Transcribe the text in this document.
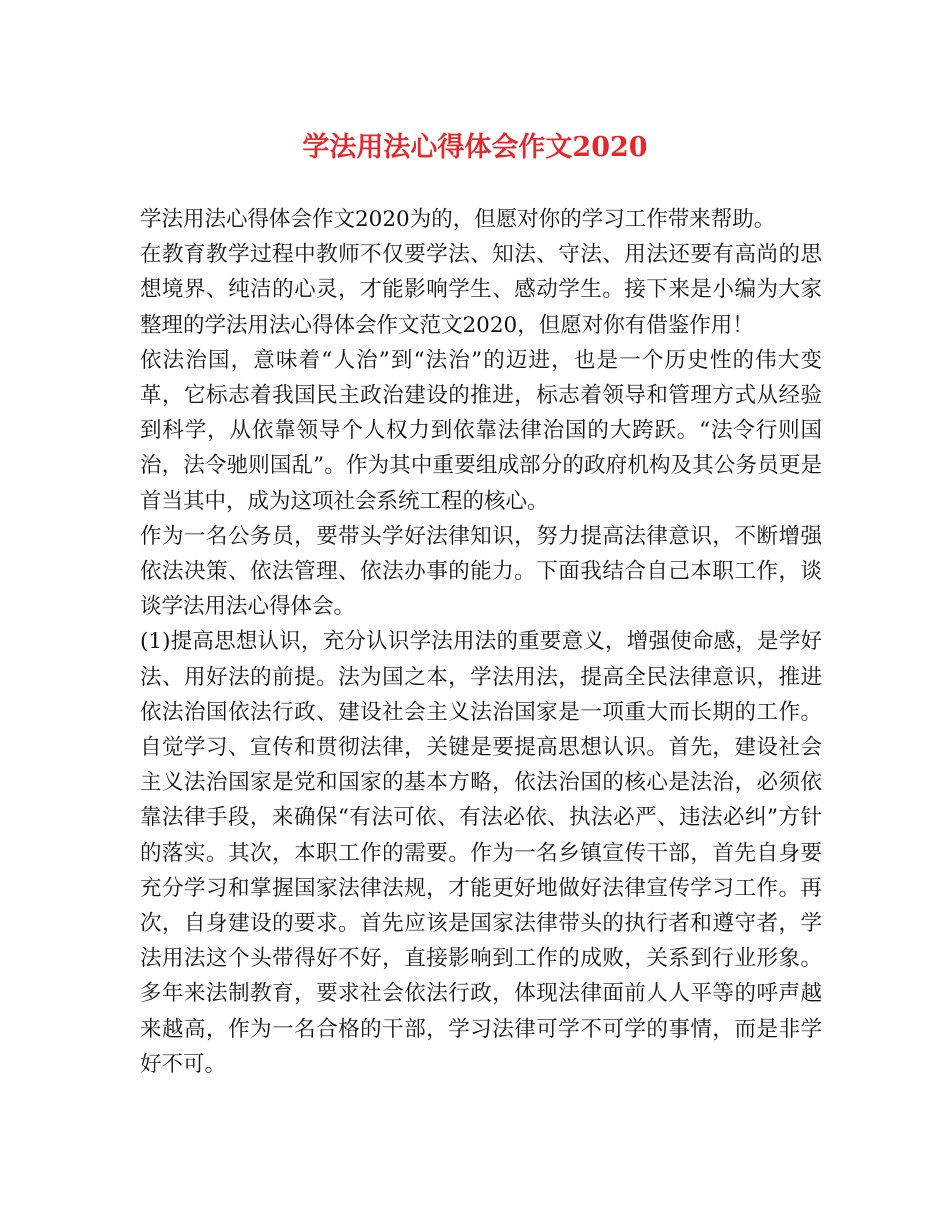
学法用法心得体会作文2020

学法用法心得体会作文2020为的，但愿对你的学习工作带来帮助。

在教育教学过程中教师不仅要学法、知法、守法、用法还要有高尚的思想境界、纯洁的心灵，才能影响学生、感动学生。接下来是小编为大家整理的学法用法心得体会作文范文2020，但愿对你有借鉴作用！

依法治国，意味着“人治”到“法治”的迈进，也是一个历史性的伟大变革，它标志着我国民主政治建设的推进，标志着领导和管理方式从经验到科学，从依靠领导个人权力到依靠法律治国的大跨跃。“法令行则国治，法令驰则国乱”。作为其中重要组成部分的政府机构及其公务员更是首当其中，成为这项社会系统工程的核心。

作为一名公务员，要带头学好法律知识，努力提高法律意识，不断增强依法决策、依法管理、依法办事的能力。下面我结合自己本职工作，谈谈学法用法心得体会。

(1)提高思想认识，充分认识学法用法的重要意义，增强使命感，是学好法、用好法的前提。法为国之本，学法用法，提高全民法律意识，推进依法治国依法行政、建设社会主义法治国家是一项重大而长期的工作。自觉学习、宣传和贯彻法律，关键是要提高思想认识。首先，建设社会主义法治国家是党和国家的基本方略，依法治国的核心是法治，必须依靠法律手段，来确保“有法可依、有法必依、执法必严、违法必纠”方针的落实。其次，本职工作的需要。作为一名乡镇宣传干部，首先自身要充分学习和掌握国家法律法规，才能更好地做好法律宣传学习工作。再次，自身建设的要求。首先应该是国家法律带头的执行者和遵守者，学法用法这个头带得好不好，直接影响到工作的成败，关系到行业形象。多年来法制教育，要求社会依法行政，体现法律面前人人平等的呼声越来越高，作为一名合格的干部，学习法律可学不可学的事情，而是非学好不可。
